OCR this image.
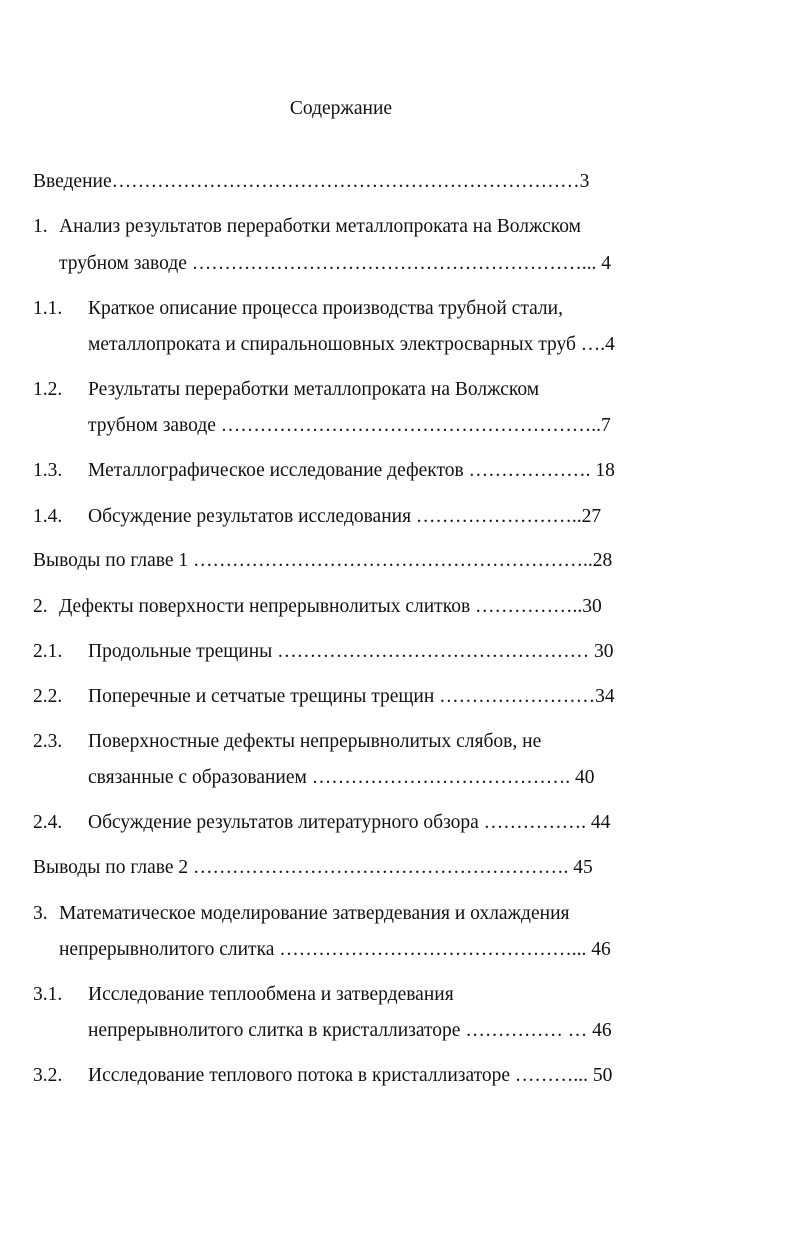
Содержание
Введение………………………………………………………………3
1. Анализ результатов переработки металлопроката на Волжском
трубном заводе ……………………………………………………... 4
1.1. Краткое описание процесса производства трубной стали,
металлопроката и спиральношовных электросварных труб ….4
1.2. Результаты переработки металлопроката на Волжском
трубном заводе …………………………………………………..7
1.3. Металлографическое исследование дефектов ………………. 18
1.4. Обсуждение результатов исследования ……………………..27
Выводы по главе 1 ……………………………………………………..28
2. Дефекты поверхности непрерывнолитых слитков ……………..30
2.1. Продольные трещины ………………………………………… 30
2.2. Поперечные и сетчатые трещины трещин ……………………34
2.3. Поверхностные дефекты непрерывнолитых слябов, не
связанные с образованием …………………………………. 40
2.4. Обсуждение результатов литературного обзора ……………. 44
Выводы по главе 2 …………………………………………………. 45
3. Математическое моделирование затвердевания и охлаждения
непрерывнолитого слитка ………………………………………... 46
3.1. Исследование теплообмена и затвердевания
непрерывнолитого слитка в кристаллизаторе …………… … 46
3.2. Исследование теплового потока в кристаллизаторе ………... 50
